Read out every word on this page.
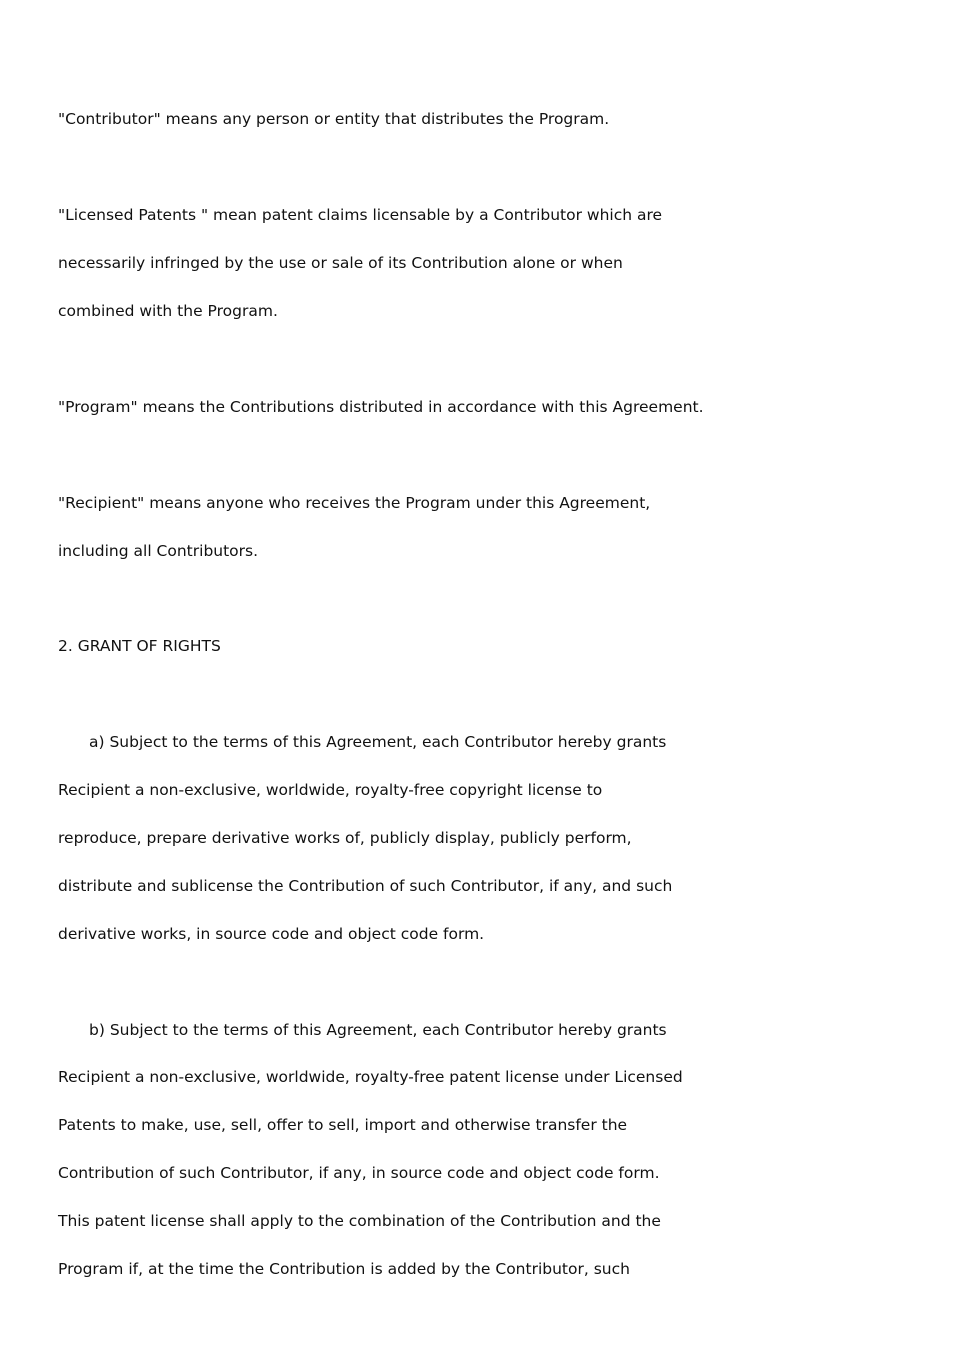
"Contributor" means any person or entity that distributes the Program.
"Licensed Patents " mean patent claims licensable by a Contributor which are
necessarily infringed by the use or sale of its Contribution alone or when
combined with the Program.
"Program" means the Contributions distributed in accordance with this Agreement.
"Recipient" means anyone who receives the Program under this Agreement,
including all Contributors.
2. GRANT OF RIGHTS
a) Subject to the terms of this Agreement, each Contributor hereby grants
Recipient a non-exclusive, worldwide, royalty-free copyright license to
reproduce, prepare derivative works of, publicly display, publicly perform,
distribute and sublicense the Contribution of such Contributor, if any, and such
derivative works, in source code and object code form.
b) Subject to the terms of this Agreement, each Contributor hereby grants
Recipient a non-exclusive, worldwide, royalty-free patent license under Licensed
Patents to make, use, sell, offer to sell, import and otherwise transfer the
Contribution of such Contributor, if any, in source code and object code form.
This patent license shall apply to the combination of the Contribution and the
Program if, at the time the Contribution is added by the Contributor, such
